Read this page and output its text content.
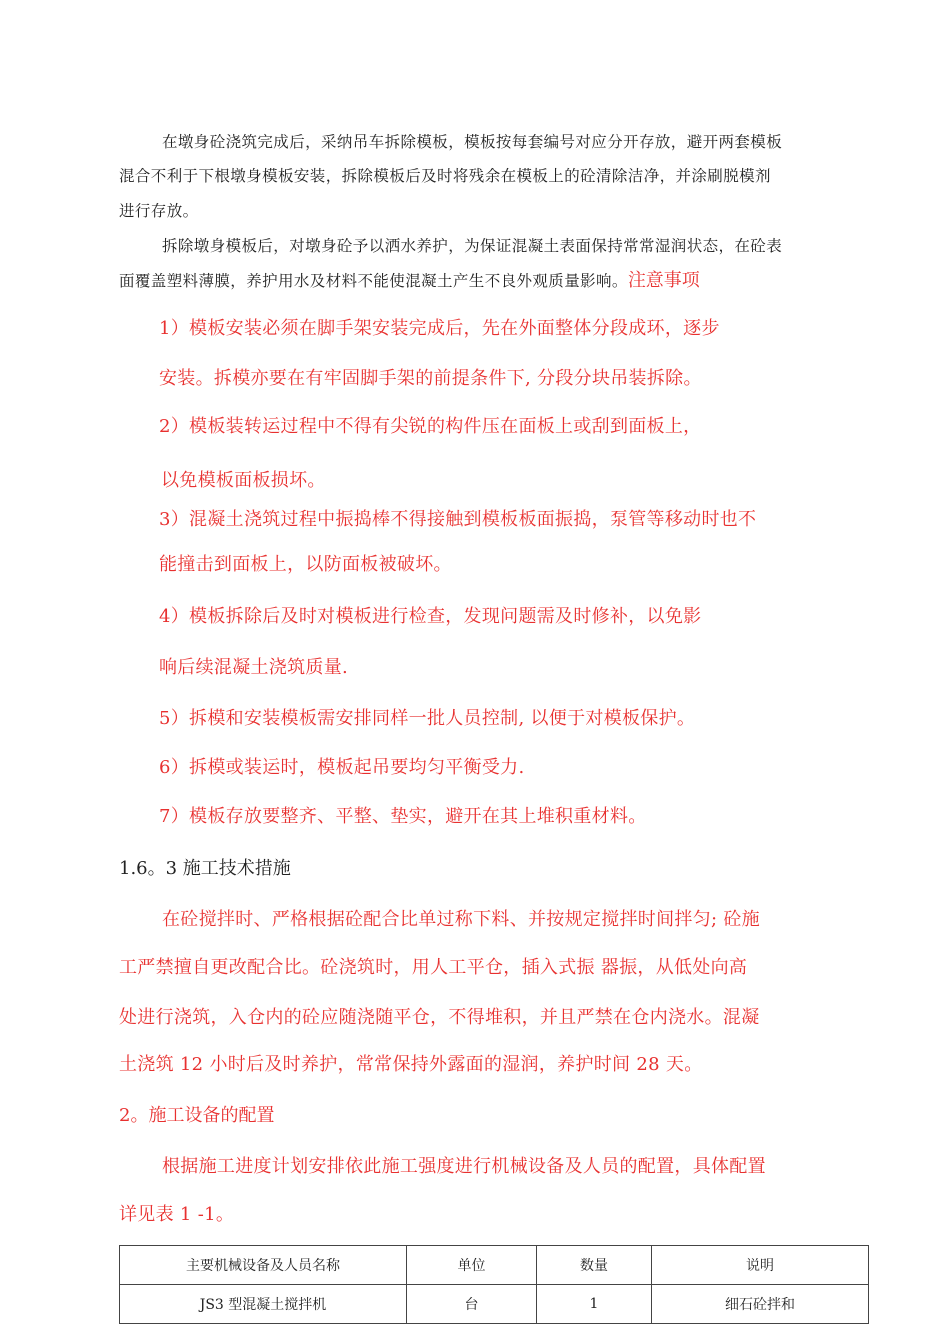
在墩身砼浇筑完成后，采纳吊车拆除模板，模板按每套编号对应分开存放，避开两套模板
混合不利于下根墩身模板安装，拆除模板后及时将残余在模板上的砼清除洁净，并涂刷脱模剂
进行存放。
拆除墩身模板后，对墩身砼予以洒水养护，为保证混凝土表面保持常常湿润状态，在砼表
面覆盖塑料薄膜，养护用水及材料不能使混凝土产生不良外观质量影响。注意事项
1）模板安装必须在脚手架安装完成后，先在外面整体分段成环，逐步
安装。拆模亦要在有牢固脚手架的前提条件下, 分段分块吊装拆除。
2）模板装转运过程中不得有尖锐的构件压在面板上或刮到面板上，
以免模板面板损坏。
3）混凝土浇筑过程中振捣棒不得接触到模板板面振捣，泵管等移动时也不
能撞击到面板上，以防面板被破坏。
4）模板拆除后及时对模板进行检查，发现问题需及时修补，以免影
响后续混凝土浇筑质量.
5）拆模和安装模板需安排同样一批人员控制, 以便于对模板保护。
6）拆模或装运时，模板起吊要均匀平衡受力.
7）模板存放要整齐、平整、垫实，避开在其上堆积重材料。
1.6。3 施工技术措施
在砼搅拌时、严格根据砼配合比单过称下料、并按规定搅拌时间拌匀; 砼施
工严禁擅自更改配合比。砼浇筑时，用人工平仓，插入式振 器振，从低处向高
处进行浇筑，入仓内的砼应随浇随平仓，不得堆积，并且严禁在仓内浇水。混凝
土浇筑 12 小时后及时养护，常常保持外露面的湿润，养护时间 28 天。
2。施工设备的配置
根据施工进度计划安排依此施工强度进行机械设备及人员的配置，具体配置
详见表 1 -1。
主要机械设备及人员名称	单位	数量	说明
JS3 型混凝土搅拌机	台	1	细石砼拌和
